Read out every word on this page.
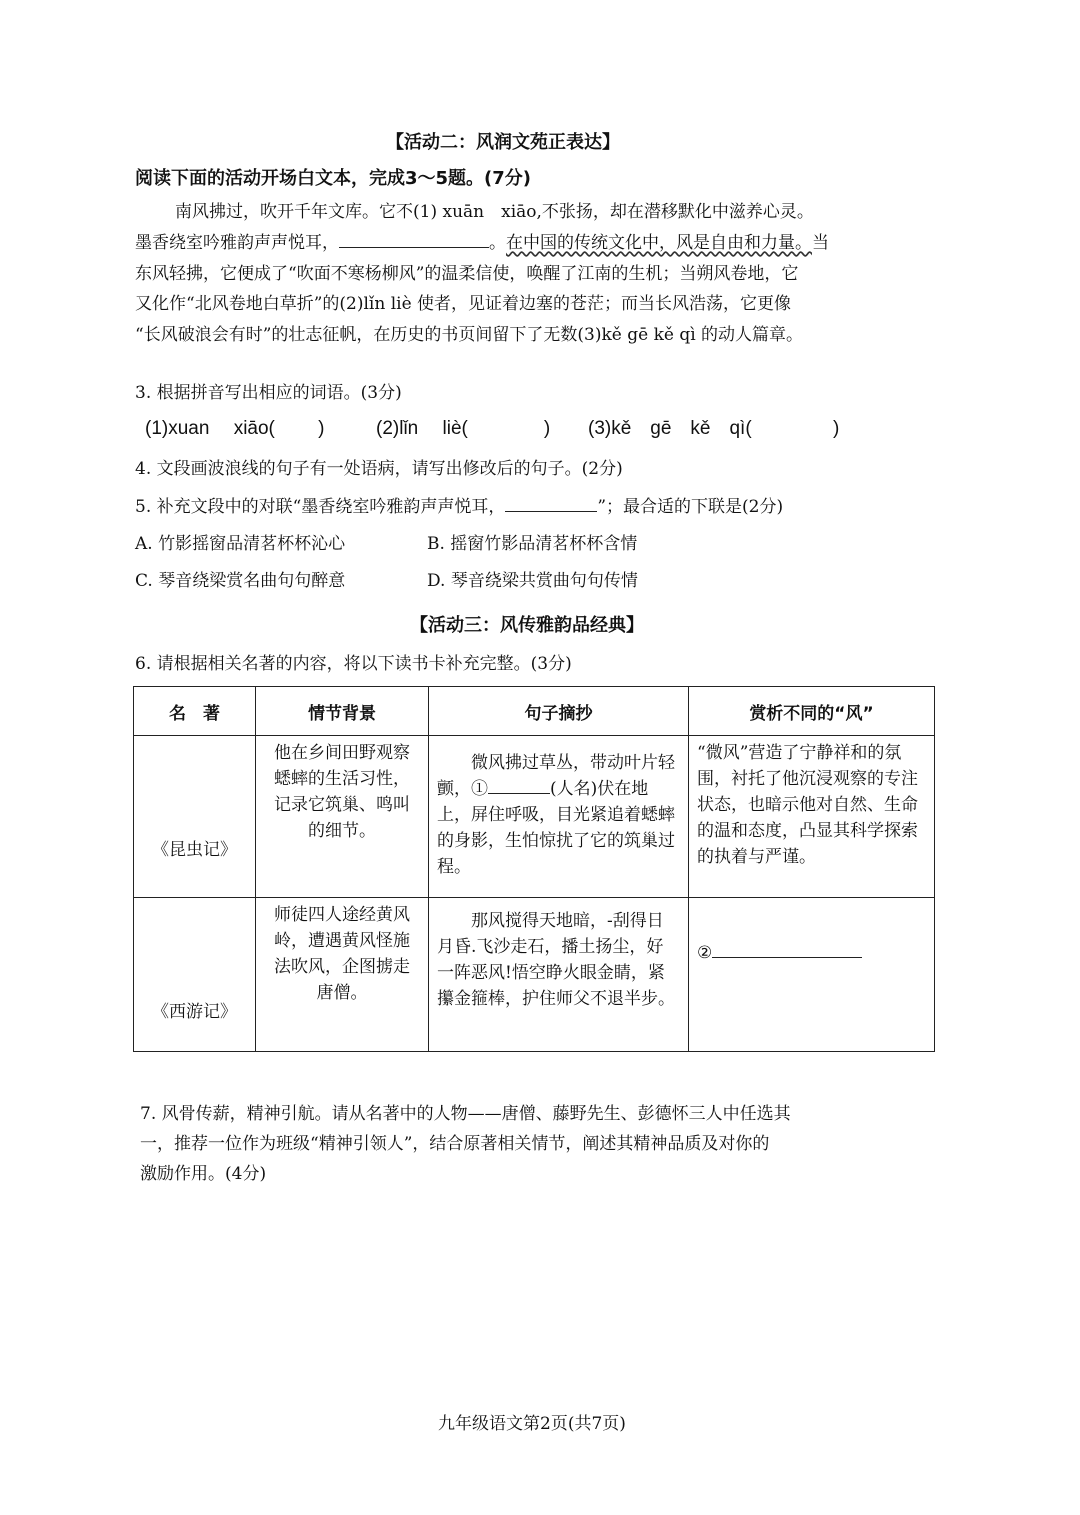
【活动二：风润文苑正表达】
阅读下面的活动开场白文本，完成3～5题。(7分)
南风拂过，吹开千年文库。它不(1) xuān　xiāo,不张扬，却在潜移默化中滋养心灵。
墨香绕室吟雅韵声声悦耳，	。在中国的传统文化中，风是自由和力量。当
东风轻拂，它便成了“吹面不寒杨柳风”的温柔信使，唤醒了江南的生机；当朔风卷地，它
又化作“北风卷地白草折”的(2)lǐn liè 使者，见证着边塞的苍茫；而当长风浩荡，它更像
“长风破浪会有时”的壮志征帆，在历史的书页间留下了无数(3)kě gē kě qì 的动人篇章。
3. 根据拼音写出相应的词语。(3分)
(1)xuan　 xiāo(　　 )	(2)lǐn　 liè(　　　　) (3)kě　gē　kě　qì(　　　　 )
4. 文段画波浪线的句子有一处语病，请写出修改后的句子。(2分)
5. 补充文段中的对联“墨香绕室吟雅韵声声悦耳，	”；最合适的下联是(2分)
A. 竹影摇窗品清茗杯杯沁心	B. 摇窗竹影品清茗杯杯含情
C. 琴音绕梁赏名曲句句醉意	D. 琴音绕梁共赏曲句句传情
【活动三：风传雅韵品经典】
6. 请根据相关名著的内容，将以下读书卡补充完整。(3分)
名　著	情节背景	句子摘抄	赏析不同的“风”
《昆虫记》	他在乡间田野观察蟋蟀的生活习性，记录它筑巢、鸣叫的细节。	微风拂过草丛，带动叶片轻颤，① (人名)伏在地上，屏住呼吸，目光紧追着蟋蟀的身影，生怕惊扰了它的筑巢过程。	“微风”营造了宁静祥和的氛围，衬托了他沉浸观察的专注状态，也暗示他对自然、生命的温和态度，凸显其科学探索的执着与严谨。
《西游记》	师徒四人途经黄风岭，遭遇黄风怪施法吹风，企图掳走唐僧。	那风搅得天地暗，-刮得日月昏.飞沙走石，播土扬尘，好一阵恶风!悟空睁火眼金睛，紧攥金箍棒，护住师父不退半步。	②
7. 风骨传薪，精神引航。请从名著中的人物——唐僧、藤野先生、彭德怀三人中任选其
一，推荐一位作为班级“精神引领人”，结合原著相关情节，阐述其精神品质及对你的
激励作用。(4分)
九年级语文第2页(共7页)
